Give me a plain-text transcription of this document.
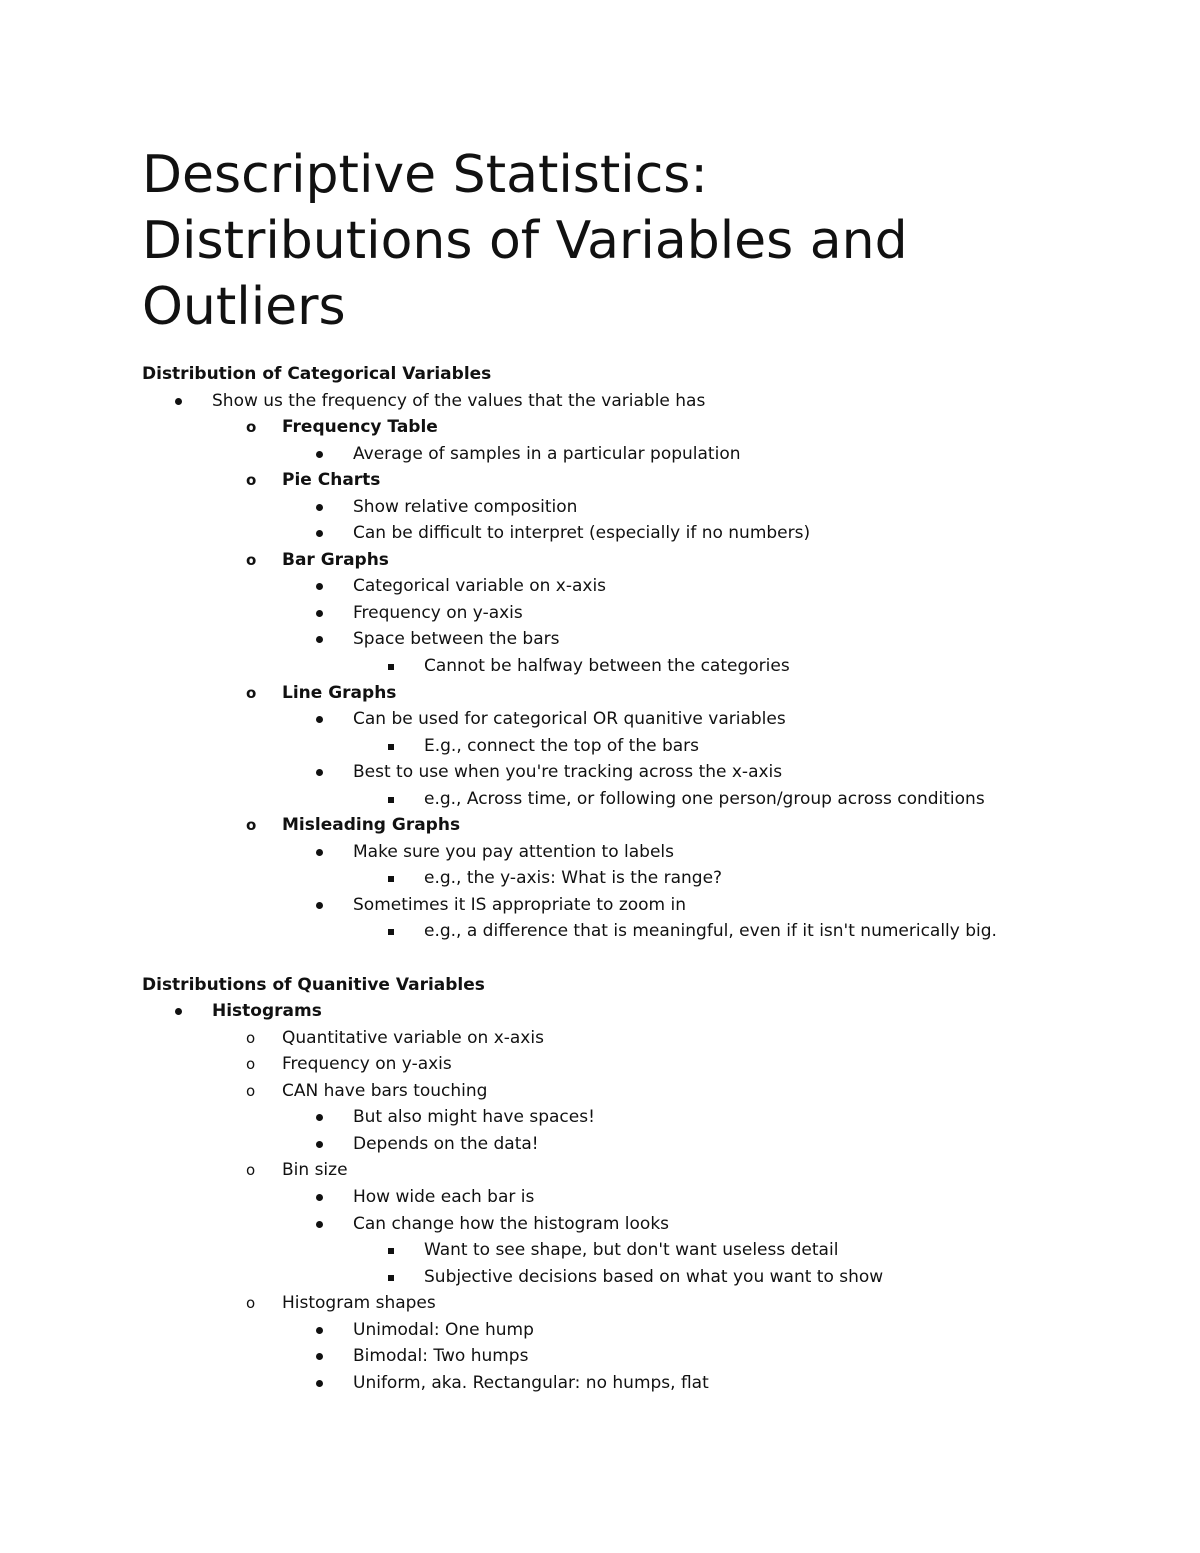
Descriptive Statistics:
Distributions of Variables and
Outliers
Distribution of Categorical Variables
Show us the frequency of the values that the variable has
o Frequency Table
Average of samples in a particular population
o Pie Charts
Show relative composition
Can be difficult to interpret (especially if no numbers)
o Bar Graphs
Categorical variable on x-axis
Frequency on y-axis
Space between the bars
Cannot be halfway between the categories
o Line Graphs
Can be used for categorical OR quanitive variables
E.g., connect the top of the bars
Best to use when you're tracking across the x-axis
e.g., Across time, or following one person/group across conditions
o Misleading Graphs
Make sure you pay attention to labels
e.g., the y-axis: What is the range?
Sometimes it IS appropriate to zoom in
e.g., a difference that is meaningful, even if it isn't numerically big.
Distributions of Quanitive Variables
Histograms
o Quantitative variable on x-axis
o Frequency on y-axis
o CAN have bars touching
But also might have spaces!
Depends on the data!
o Bin size
How wide each bar is
Can change how the histogram looks
Want to see shape, but don't want useless detail
Subjective decisions based on what you want to show
o Histogram shapes
Unimodal: One hump
Bimodal: Two humps
Uniform, aka. Rectangular: no humps, flat
